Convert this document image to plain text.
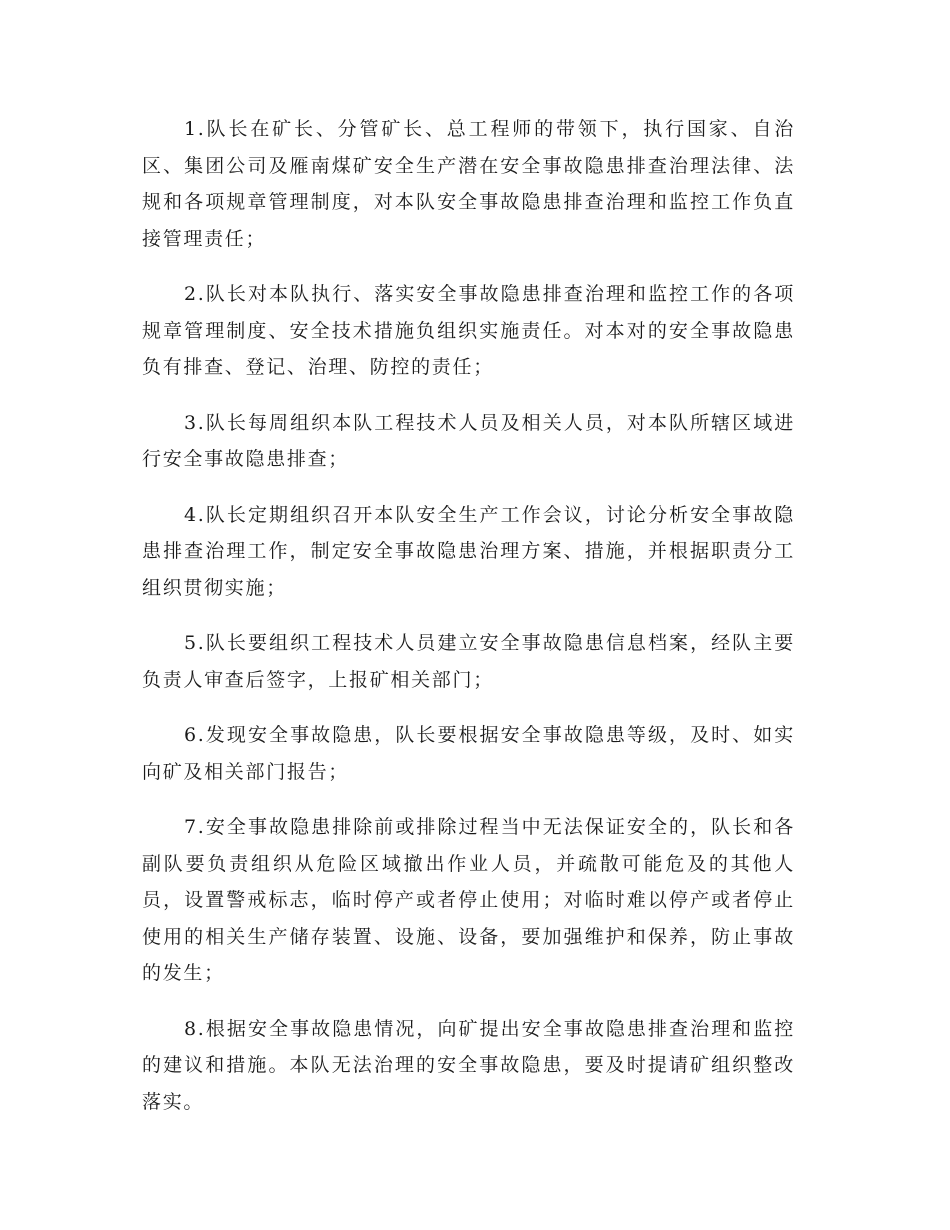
1.队长在矿长、分管矿长、总工程师的带领下，执行国家、自治区、集团公司及雁南煤矿安全生产潜在安全事故隐患排查治理法律、法规和各项规章管理制度，对本队安全事故隐患排查治理和监控工作负直接管理责任；

2.队长对本队执行、落实安全事故隐患排查治理和监控工作的各项规章管理制度、安全技术措施负组织实施责任。对本对的安全事故隐患负有排查、登记、治理、防控的责任；

3.队长每周组织本队工程技术人员及相关人员，对本队所辖区域进行安全事故隐患排查；

4.队长定期组织召开本队安全生产工作会议，讨论分析安全事故隐患排查治理工作，制定安全事故隐患治理方案、措施，并根据职责分工组织贯彻实施；

5.队长要组织工程技术人员建立安全事故隐患信息档案，经队主要负责人审查后签字，上报矿相关部门；

6.发现安全事故隐患，队长要根据安全事故隐患等级，及时、如实向矿及相关部门报告；

7.安全事故隐患排除前或排除过程当中无法保证安全的，队长和各副队要负责组织从危险区域撤出作业人员，并疏散可能危及的其他人员，设置警戒标志，临时停产或者停止使用；对临时难以停产或者停止使用的相关生产储存装置、设施、设备，要加强维护和保养，防止事故的发生；

8.根据安全事故隐患情况，向矿提出安全事故隐患排查治理和监控的建议和措施。本队无法治理的安全事故隐患，要及时提请矿组织整改落实。
